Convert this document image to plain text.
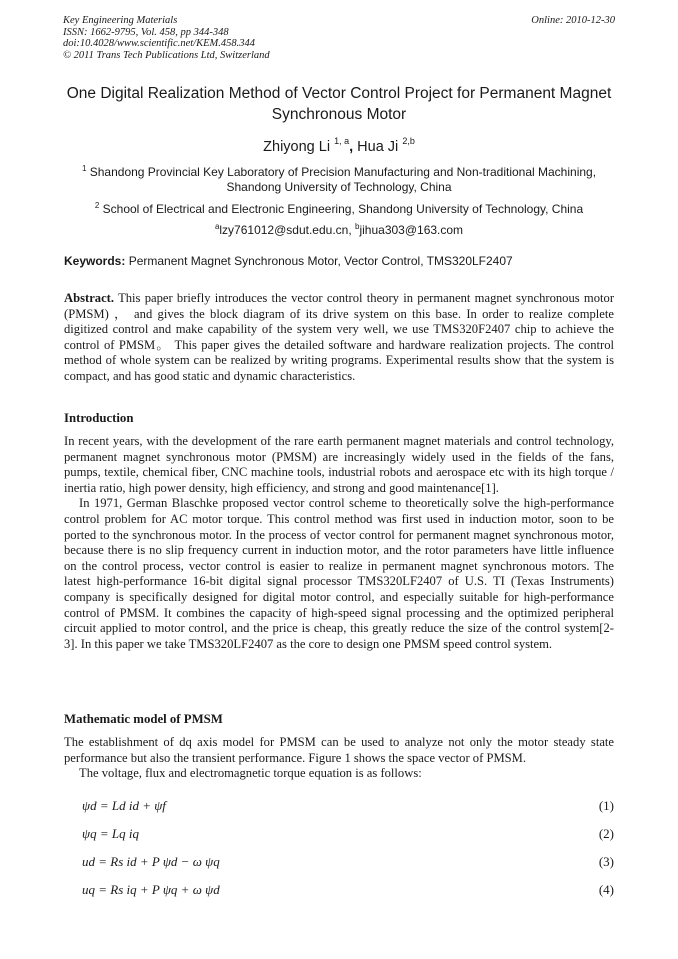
Key Engineering Materials
ISSN: 1662-9795, Vol. 458, pp 344-348
doi:10.4028/www.scientific.net/KEM.458.344
© 2011 Trans Tech Publications Ltd, Switzerland
Online: 2010-12-30
One Digital Realization Method of Vector Control Project for Permanent Magnet Synchronous Motor
Zhiyong Li $^{1, a}$, Hua Ji $^{2,b}$
$^1$ Shandong Provincial Key Laboratory of Precision Manufacturing and Non-traditional Machining, Shandong University of Technology, China
$^2$ School of Electrical and Electronic Engineering, Shandong University of Technology, China
$^a$lzy761012@sdut.edu.cn, $^b$jihua303@163.com
Keywords: Permanent Magnet Synchronous Motor, Vector Control, TMS320LF2407

Abstract. This paper briefly introduces the vector control theory in permanent magnet synchronous motor (PMSM) ， and gives the block diagram of its drive system on this base. In order to realize complete digitized control and make capability of the system very well, we use TMS320F2407 chip to achieve the control of PMSM。 This paper gives the detailed software and hardware realization projects. The control method of whole system can be realized by writing programs. Experimental results show that the system is compact, and has good static and dynamic characteristics.

Introduction

In recent years, with the development of the rare earth permanent magnet materials and control technology, permanent magnet synchronous motor (PMSM) are increasingly widely used in the fields of the fans, pumps, textile, chemical fiber, CNC machine tools, industrial robots and aerospace etc with its high torque / inertia ratio, high power density, high efficiency, and strong and good maintenance[1].

In 1971, German Blaschke proposed vector control scheme to theoretically solve the high-performance control problem for AC motor torque. This control method was first used in induction motor, soon to be ported to the synchronous motor. In the process of vector control for permanent magnet synchronous motor, because there is no slip frequency current in induction motor, and the rotor parameters have little influence on the control process, vector control is easier to realize in permanent magnet synchronous motors. The latest high-performance 16-bit digital signal processor TMS320LF2407 of U.S. TI (Texas Instruments) company is specifically designed for digital motor control, and especially suitable for high-performance control of PMSM. It combines the capacity of high-speed signal processing and the optimized peripheral circuit applied to motor control, and the price is cheap, this greatly reduce the size of the control system[2-3]. In this paper we take TMS320LF2407 as the core to design one PMSM speed control system.

Mathematic model of PMSM

The establishment of dq axis model for PMSM can be used to analyze not only the motor steady state performance but also the transient performance. Figure 1 shows the space vector of PMSM.

The voltage, flux and electromagnetic torque equation is as follows:

ψd = Ld id + ψf	(1)
ψq = Lq iq	(2)
ud = Rs id + P ψd − ω ψq	(3)
uq = Rs iq + P ψq + ω ψd	(4)
